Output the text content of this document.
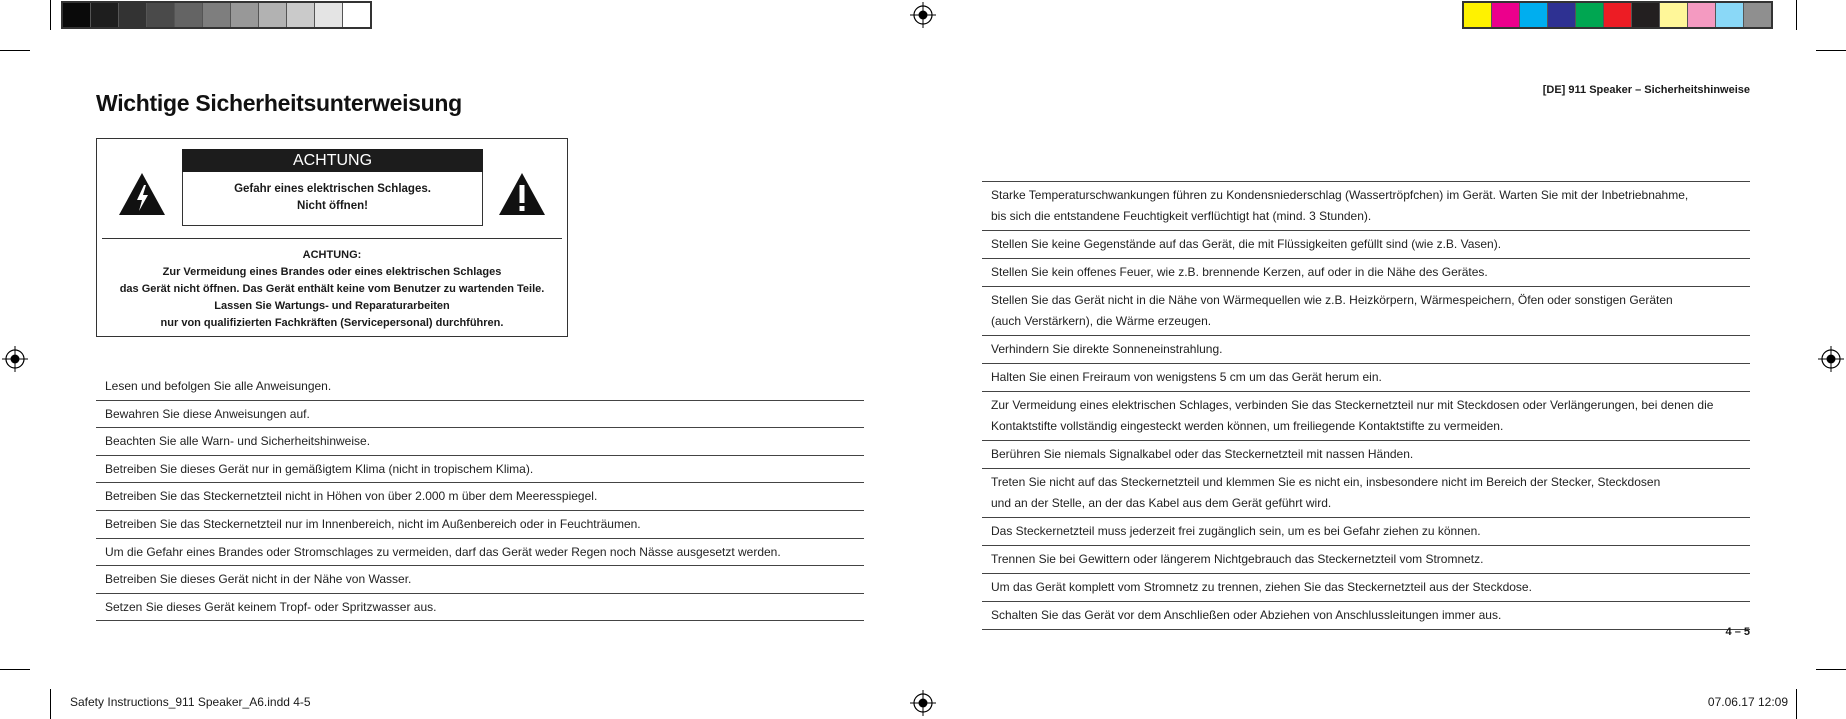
Wichtige Sicherheitsunterweisung
ACHTUNG
Gefahr eines elektrischen Schlages.
Nicht öffnen!
ACHTUNG:
Zur Vermeidung eines Brandes oder eines elektrischen Schlages
das Gerät nicht öffnen. Das Gerät enthält keine vom Benutzer zu wartenden Teile.
Lassen Sie Wartungs- und Reparaturarbeiten
nur von qualifizierten Fachkräften (Servicepersonal) durchführen.
Lesen und befolgen Sie alle Anweisungen.
Bewahren Sie diese Anweisungen auf.
Beachten Sie alle Warn- und Sicherheitshinweise.
Betreiben Sie dieses Gerät nur in gemäßigtem Klima (nicht in tropischem Klima).
Betreiben Sie das Steckernetzteil nicht in Höhen von über 2.000 m über dem Meeresspiegel.
Betreiben Sie das Steckernetzteil nur im Innenbereich, nicht im Außenbereich oder in Feuchträumen.
Um die Gefahr eines Brandes oder Stromschlages zu vermeiden, darf das Gerät weder Regen noch Nässe ausgesetzt werden.
Betreiben Sie dieses Gerät nicht in der Nähe von Wasser.
Setzen Sie dieses Gerät keinem Tropf- oder Spritzwasser aus.
[DE] 911 Speaker – Sicherheitshinweise
Starke Temperaturschwankungen führen zu Kondensniederschlag (Wassertröpfchen) im Gerät. Warten Sie mit der Inbetriebnahme,
bis sich die entstandene Feuchtigkeit verflüchtigt hat (mind. 3 Stunden).
Stellen Sie keine Gegenstände auf das Gerät, die mit Flüssigkeiten gefüllt sind (wie z.B. Vasen).
Stellen Sie kein offenes Feuer, wie z.B. brennende Kerzen, auf oder in die Nähe des Gerätes.
Stellen Sie das Gerät nicht in die Nähe von Wärmequellen wie z.B. Heizkörpern, Wärmespeichern, Öfen oder sonstigen Geräten
(auch Verstärkern), die Wärme erzeugen.
Verhindern Sie direkte Sonneneinstrahlung.
Halten Sie einen Freiraum von wenigstens 5 cm um das Gerät herum ein.
Zur Vermeidung eines elektrischen Schlages, verbinden Sie das Steckernetzteil nur mit Steckdosen oder Verlängerungen, bei denen die
Kontaktstifte vollständig eingesteckt werden können, um freiliegende Kontaktstifte zu vermeiden.
Berühren Sie niemals Signalkabel oder das Steckernetzteil mit nassen Händen.
Treten Sie nicht auf das Steckernetzteil und klemmen Sie es nicht ein, insbesondere nicht im Bereich der Stecker, Steckdosen
und an der Stelle, an der das Kabel aus dem Gerät geführt wird.
Das Steckernetzteil muss jederzeit frei zugänglich sein, um es bei Gefahr ziehen zu können.
Trennen Sie bei Gewittern oder längerem Nichtgebrauch das Steckernetzteil vom Stromnetz.
Um das Gerät komplett vom Stromnetz zu trennen, ziehen Sie das Steckernetzteil aus der Steckdose.
Schalten Sie das Gerät vor dem Anschließen oder Abziehen von Anschlussleitungen immer aus.
4 – 5
Safety Instructions_911 Speaker_A6.indd 4-5	07.06.17 12:09
